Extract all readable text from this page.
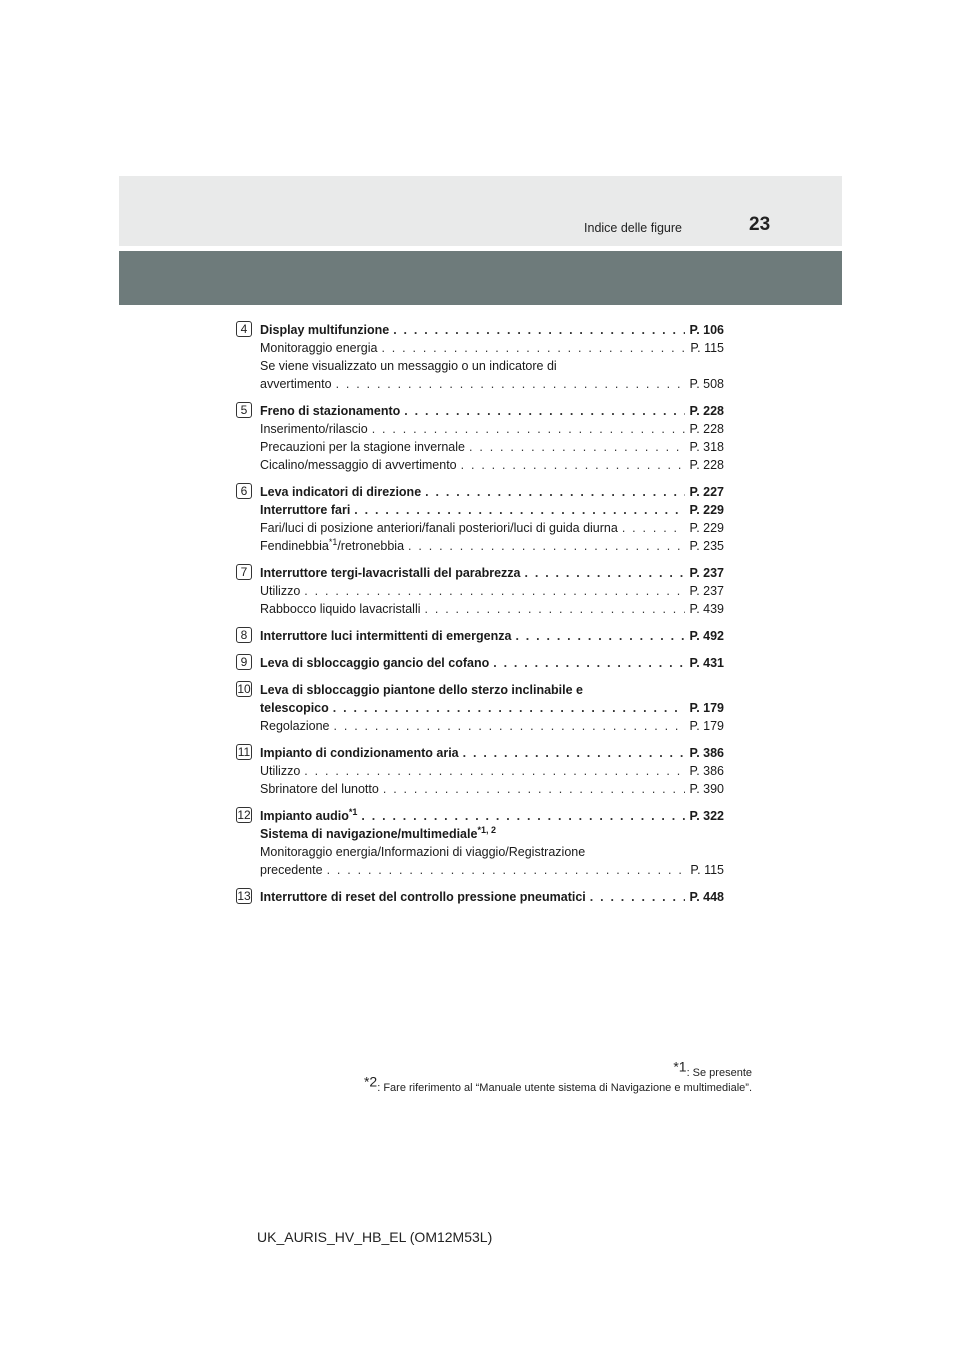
Indice delle figure	23
4	Display multifunzione . . .	P. 106
Monitoraggio energia . . .	P. 115
Se viene visualizzato un messaggio o un indicatore di
avvertimento . . .	P. 508
5	Freno di stazionamento . . .	P. 228
Inserimento/rilascio . . .	P. 228
Precauzioni per la stagione invernale . . .	P. 318
Cicalino/messaggio di avvertimento . . .	P. 228
6	Leva indicatori di direzione . . .	P. 227
Interruttore fari . . .	P. 229
Fari/luci di posizione anteriori/fanali posteriori/luci di guida diurna . . .	P. 229
Fendinebbia$^{*1}$/retronebbia . . .	P. 235
7	Interruttore tergi-lavacristalli del parabrezza . . .	P. 237
Utilizzo . . .	P. 237
Rabbocco liquido lavacristalli . . .	P. 439
8	Interruttore luci intermittenti di emergenza . . .	P. 492
9	Leva di sbloccaggio gancio del cofano . . .	P. 431
10 Leva di sbloccaggio piantone dello sterzo inclinabile e
telescopico . . .	P. 179
Regolazione . . .	P. 179
11 Impianto di condizionamento aria . . .	P. 386
Utilizzo . . .	P. 386
Sbrinatore del lunotto . . .	P. 390
12 Impianto audio$^{*1}$ . . .	P. 322
Sistema di navigazione/multimediale$^{*1, 2}$
Monitoraggio energia/Informazioni di viaggio/Registrazione
precedente . . .	P. 115
13 Interruttore di reset del controllo pressione pneumatici . . .	P. 448
$^{*1}$: Se presente
$^{*2}$: Fare riferimento al “Manuale utente sistema di Navigazione e multimediale”.
UK_AURIS_HV_HB_EL (OM12M53L)
